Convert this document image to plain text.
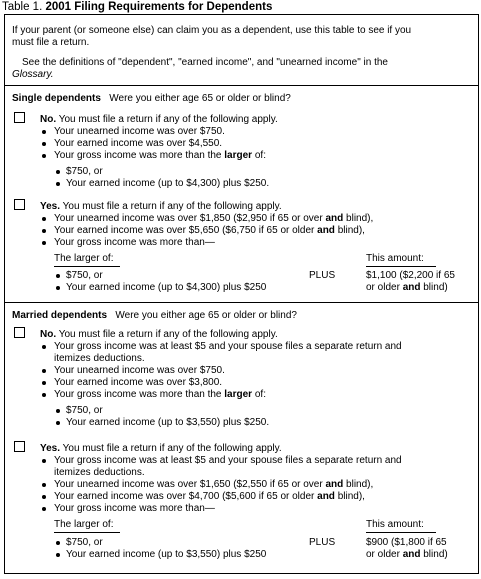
Table 1. 2001 Filing Requirements for Dependents
If your parent (or someone else) can claim you as a dependent, use this table to see if you
must file a return.
See the definitions of "dependent", "earned income", and "unearned income" in the
Glossary.
Single dependents Were you either age 65 or older or blind?
No. You must file a return if any of the following apply.
Your unearned income was over $750.
Your earned income was over $4,550.
Your gross income was more than the larger of:
$750, or
Your earned income (up to $4,300) plus $250.
Yes. You must file a return if any of the following apply.
Your unearned income was over $1,850 ($2,950 if 65 or over and blind),
Your earned income was over $5,650 ($6,750 if 65 or older and blind),
Your gross income was more than—
The larger of:	This amount:
$750, or	PLUS	$1,100 ($2,200 if 65
Your earned income (up to $4,300) plus $250	or older and blind)
Married dependents Were you either age 65 or older or blind?
No. You must file a return if any of the following apply.
Your gross income was at least $5 and your spouse files a separate return and
itemizes deductions.
Your unearned income was over $750.
Your earned income was over $3,800.
Your gross income was more than the larger of:
$750, or
Your earned income (up to $3,550) plus $250.
Yes. You must file a return if any of the following apply.
Your gross income was at least $5 and your spouse files a separate return and
itemizes deductions.
Your unearned income was over $1,650 ($2,550 if 65 or over and blind),
Your earned income was over $4,700 ($5,600 if 65 or older and blind),
Your gross income was more than—
The larger of:	This amount:
$750, or	PLUS	$900 ($1,800 if 65
Your earned income (up to $3,550) plus $250	or older and blind)
